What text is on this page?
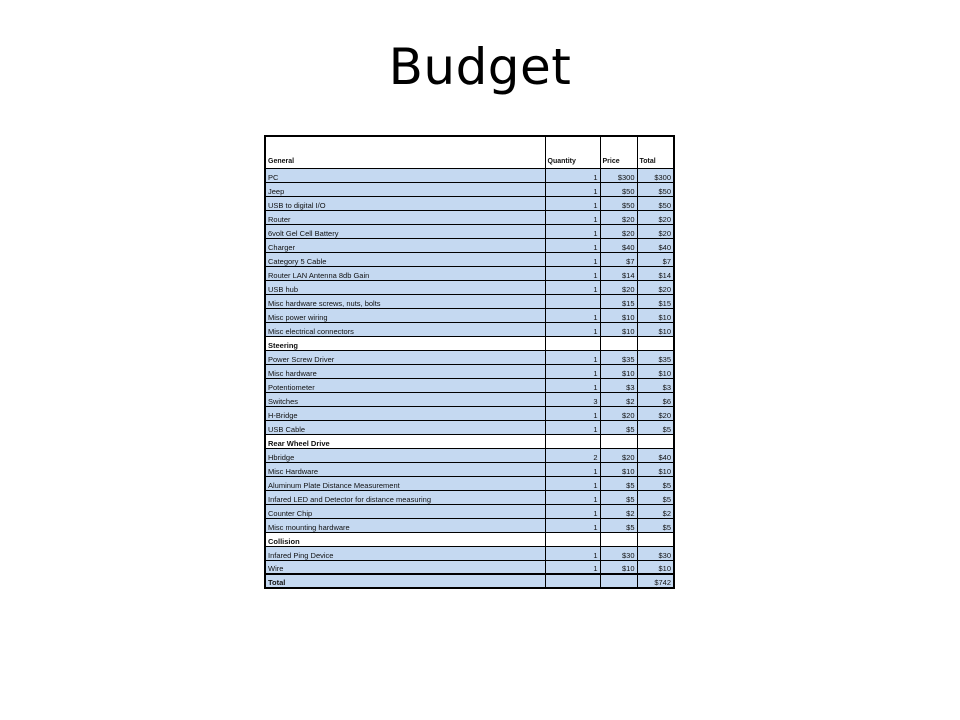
Budget
General	Quantity	Price	Total
PC	1	$300	$300
Jeep	1	$50	$50
USB to digital I/O	1	$50	$50
Router	1	$20	$20
6volt Gel Cell Battery	1	$20	$20
Charger	1	$40	$40
Category 5 Cable	1	$7	$7
Router LAN Antenna 8db Gain	1	$14	$14
USB hub	1	$20	$20
Misc hardware screws, nuts, bolts		$15	$15
Misc power wiring	1	$10	$10
Misc electrical connectors	1	$10	$10
Steering			
Power Screw Driver	1	$35	$35
Misc hardware	1	$10	$10
Potentiometer	1	$3	$3
Switches	3	$2	$6
H-Bridge	1	$20	$20
USB Cable	1	$5	$5
Rear Wheel Drive			
Hbridge	2	$20	$40
Misc Hardware	1	$10	$10
Aluminum Plate Distance Measurement	1	$5	$5
Infared LED and Detector for distance measuring	1	$5	$5
Counter Chip	1	$2	$2
Misc mounting hardware	1	$5	$5
Collision			
Infared Ping Device	1	$30	$30
Wire	1	$10	$10
Total			$742
